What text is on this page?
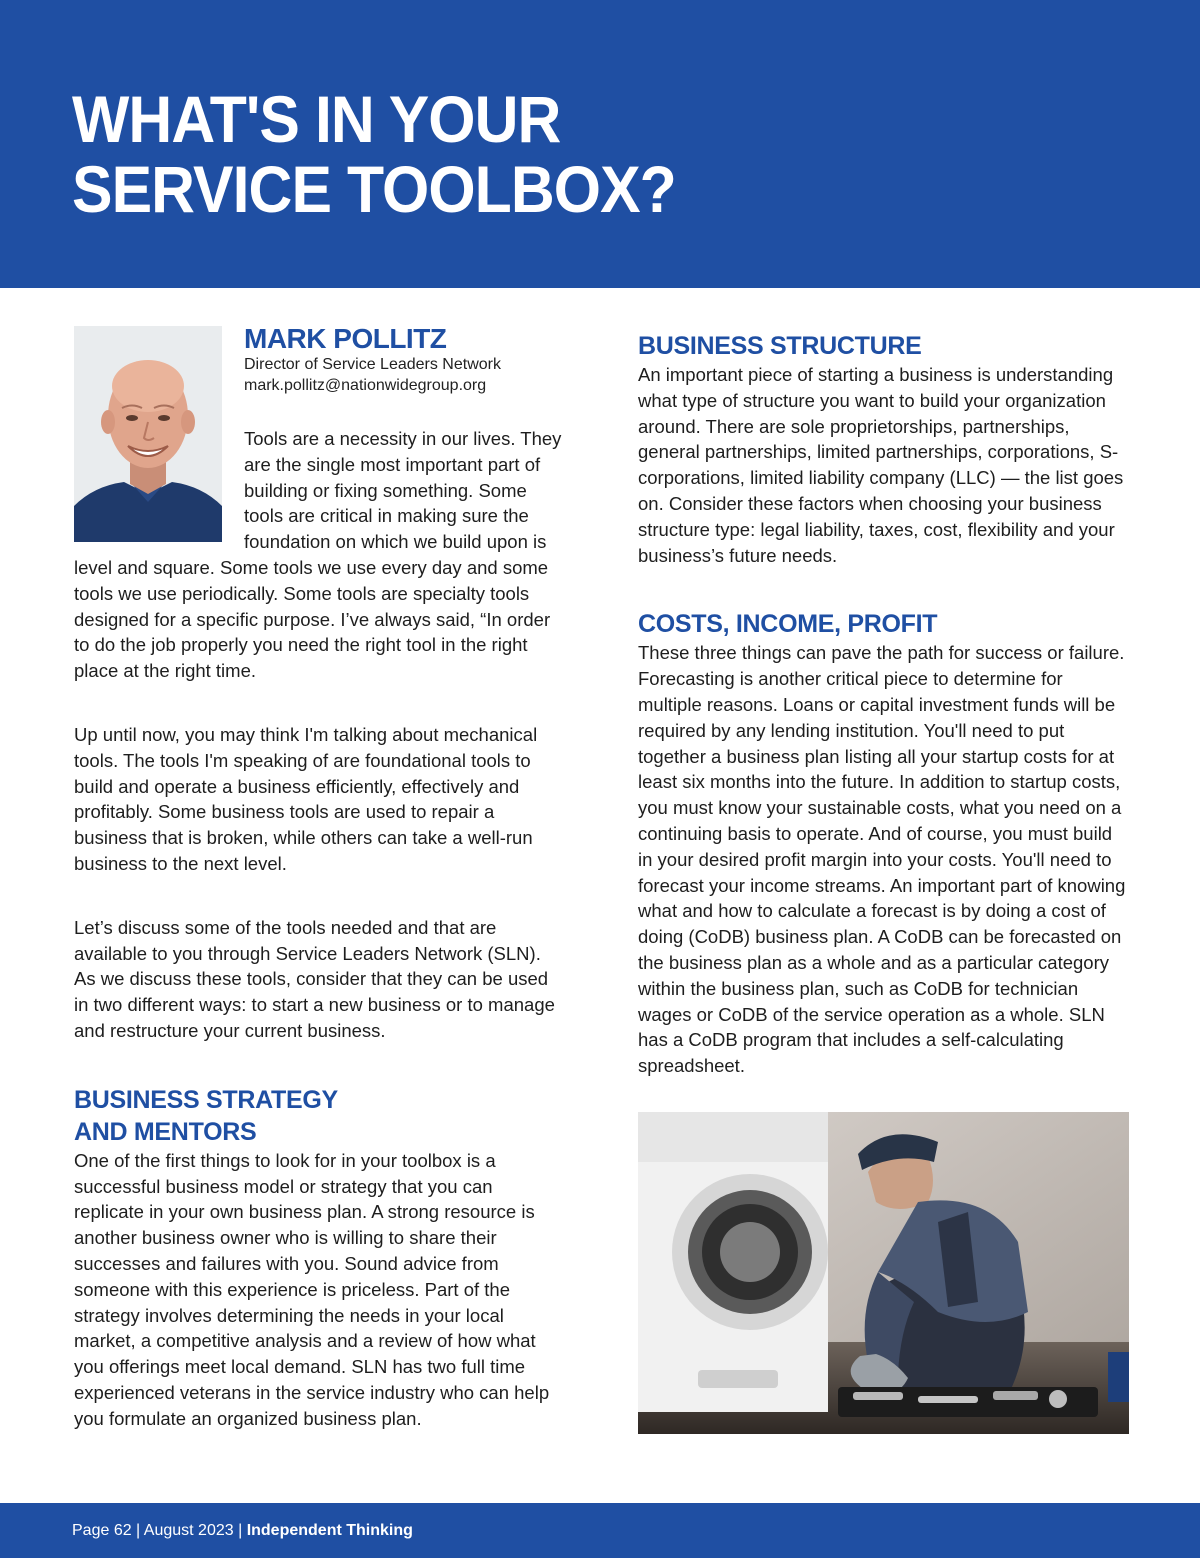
WHAT'S IN YOUR
SERVICE TOOLBOX?
MARK POLLITZ

Director of Service Leaders Network

mark.pollitz@nationwidegroup.org

Tools are a necessity in our lives. They are the single most important part of building or fixing something. Some tools are critical in making sure the foundation on which we build upon is level and square. Some tools we use every day and some tools we use periodically. Some tools are specialty tools designed for a specific purpose. I’ve always said, “In order to do the job properly you need the right tool in the right place at the right time.

Up until now, you may think I'm talking about mechanical tools. The tools I'm speaking of are foundational tools to build and operate a business efficiently, effectively and profitably. Some business tools are used to repair a business that is broken, while others can take a well-run business to the next level.

Let’s discuss some of the tools needed and that are available to you through Service Leaders Network (SLN). As we discuss these tools, consider that they can be used in two different ways: to start a new business or to manage and restructure your current business.

BUSINESS STRATEGY
AND MENTORS

One of the first things to look for in your toolbox is a successful business model or strategy that you can replicate in your own business plan. A strong resource is another business owner who is willing to share their successes and failures with you. Sound advice from someone with this experience is priceless. Part of the strategy involves determining the needs in your local market, a competitive analysis and a review of how what you offerings meet local demand. SLN has two full time experienced veterans in the service industry who can help you formulate an organized business plan.

BUSINESS STRUCTURE

An important piece of starting a business is understanding what type of structure you want to build your organization around. There are sole proprietorships, partnerships, general partnerships, limited partnerships, corporations, S-corporations, limited liability company (LLC) — the list goes on. Consider these factors when choosing your business structure type: legal liability, taxes, cost, flexibility and your business’s future needs.

COSTS, INCOME, PROFIT

These three things can pave the path for success or failure. Forecasting is another critical piece to determine for multiple reasons. Loans or capital investment funds will be required by any lending institution. You'll need to put together a business plan listing all your startup costs for at least six months into the future. In addition to startup costs, you must know your sustainable costs, what you need on a continuing basis to operate. And of course, you must build in your desired profit margin into your costs. You'll need to forecast your income streams. An important part of knowing what and how to calculate a forecast is by doing a cost of doing (CoDB) business plan. A CoDB can be forecasted on the business plan as a whole and as a particular category within the business plan, such as CoDB for technician wages or CoDB of the service operation as a whole. SLN has a CoDB program that includes a self-calculating spreadsheet.

Page 62 | August 2023 | Independent Thinking
